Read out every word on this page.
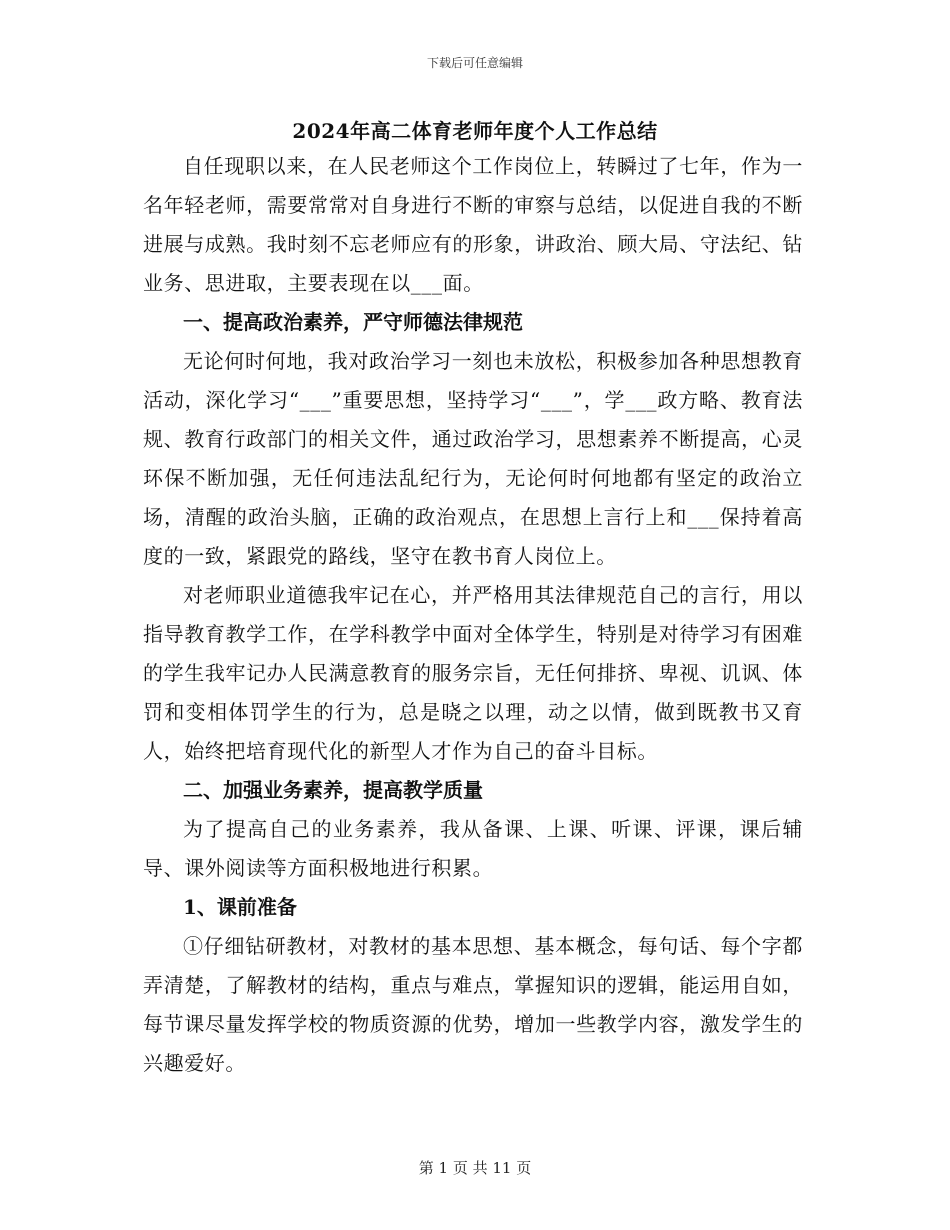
下载后可任意编辑
2024年高二体育老师年度个人工作总结

自任现职以来，在人民老师这个工作岗位上，转瞬过了七年，作为一名年轻老师，需要常常对自身进行不断的审察与总结，以促进自我的不断进展与成熟。我时刻不忘老师应有的形象，讲政治、顾大局、守法纪、钻业务、思进取，主要表现在以___面。

一、提高政治素养，严守师德法律规范

无论何时何地，我对政治学习一刻也未放松，积极参加各种思想教育活动，深化学习“___”重要思想，坚持学习“___”，学___政方略、教育法规、教育行政部门的相关文件，通过政治学习，思想素养不断提高，心灵环保不断加强，无任何违法乱纪行为，无论何时何地都有坚定的政治立场，清醒的政治头脑，正确的政治观点，在思想上言行上和___保持着高度的一致，紧跟党的路线，坚守在教书育人岗位上。

对老师职业道德我牢记在心，并严格用其法律规范自己的言行，用以指导教育教学工作，在学科教学中面对全体学生，特别是对待学习有困难的学生我牢记办人民满意教育的服务宗旨，无任何排挤、卑视、讥讽、体罚和变相体罚学生的行为，总是晓之以理，动之以情，做到既教书又育人，始终把培育现代化的新型人才作为自己的奋斗目标。

二、加强业务素养，提高教学质量

为了提高自己的业务素养，我从备课、上课、听课、评课，课后辅导、课外阅读等方面积极地进行积累。

1、课前准备

①仔细钻研教材，对教材的基本思想、基本概念，每句话、每个字都弄清楚，了解教材的结构，重点与难点，掌握知识的逻辑，能运用自如，每节课尽量发挥学校的物质资源的优势，增加一些教学内容，激发学生的兴趣爱好。

第 1 页 共 11 页
